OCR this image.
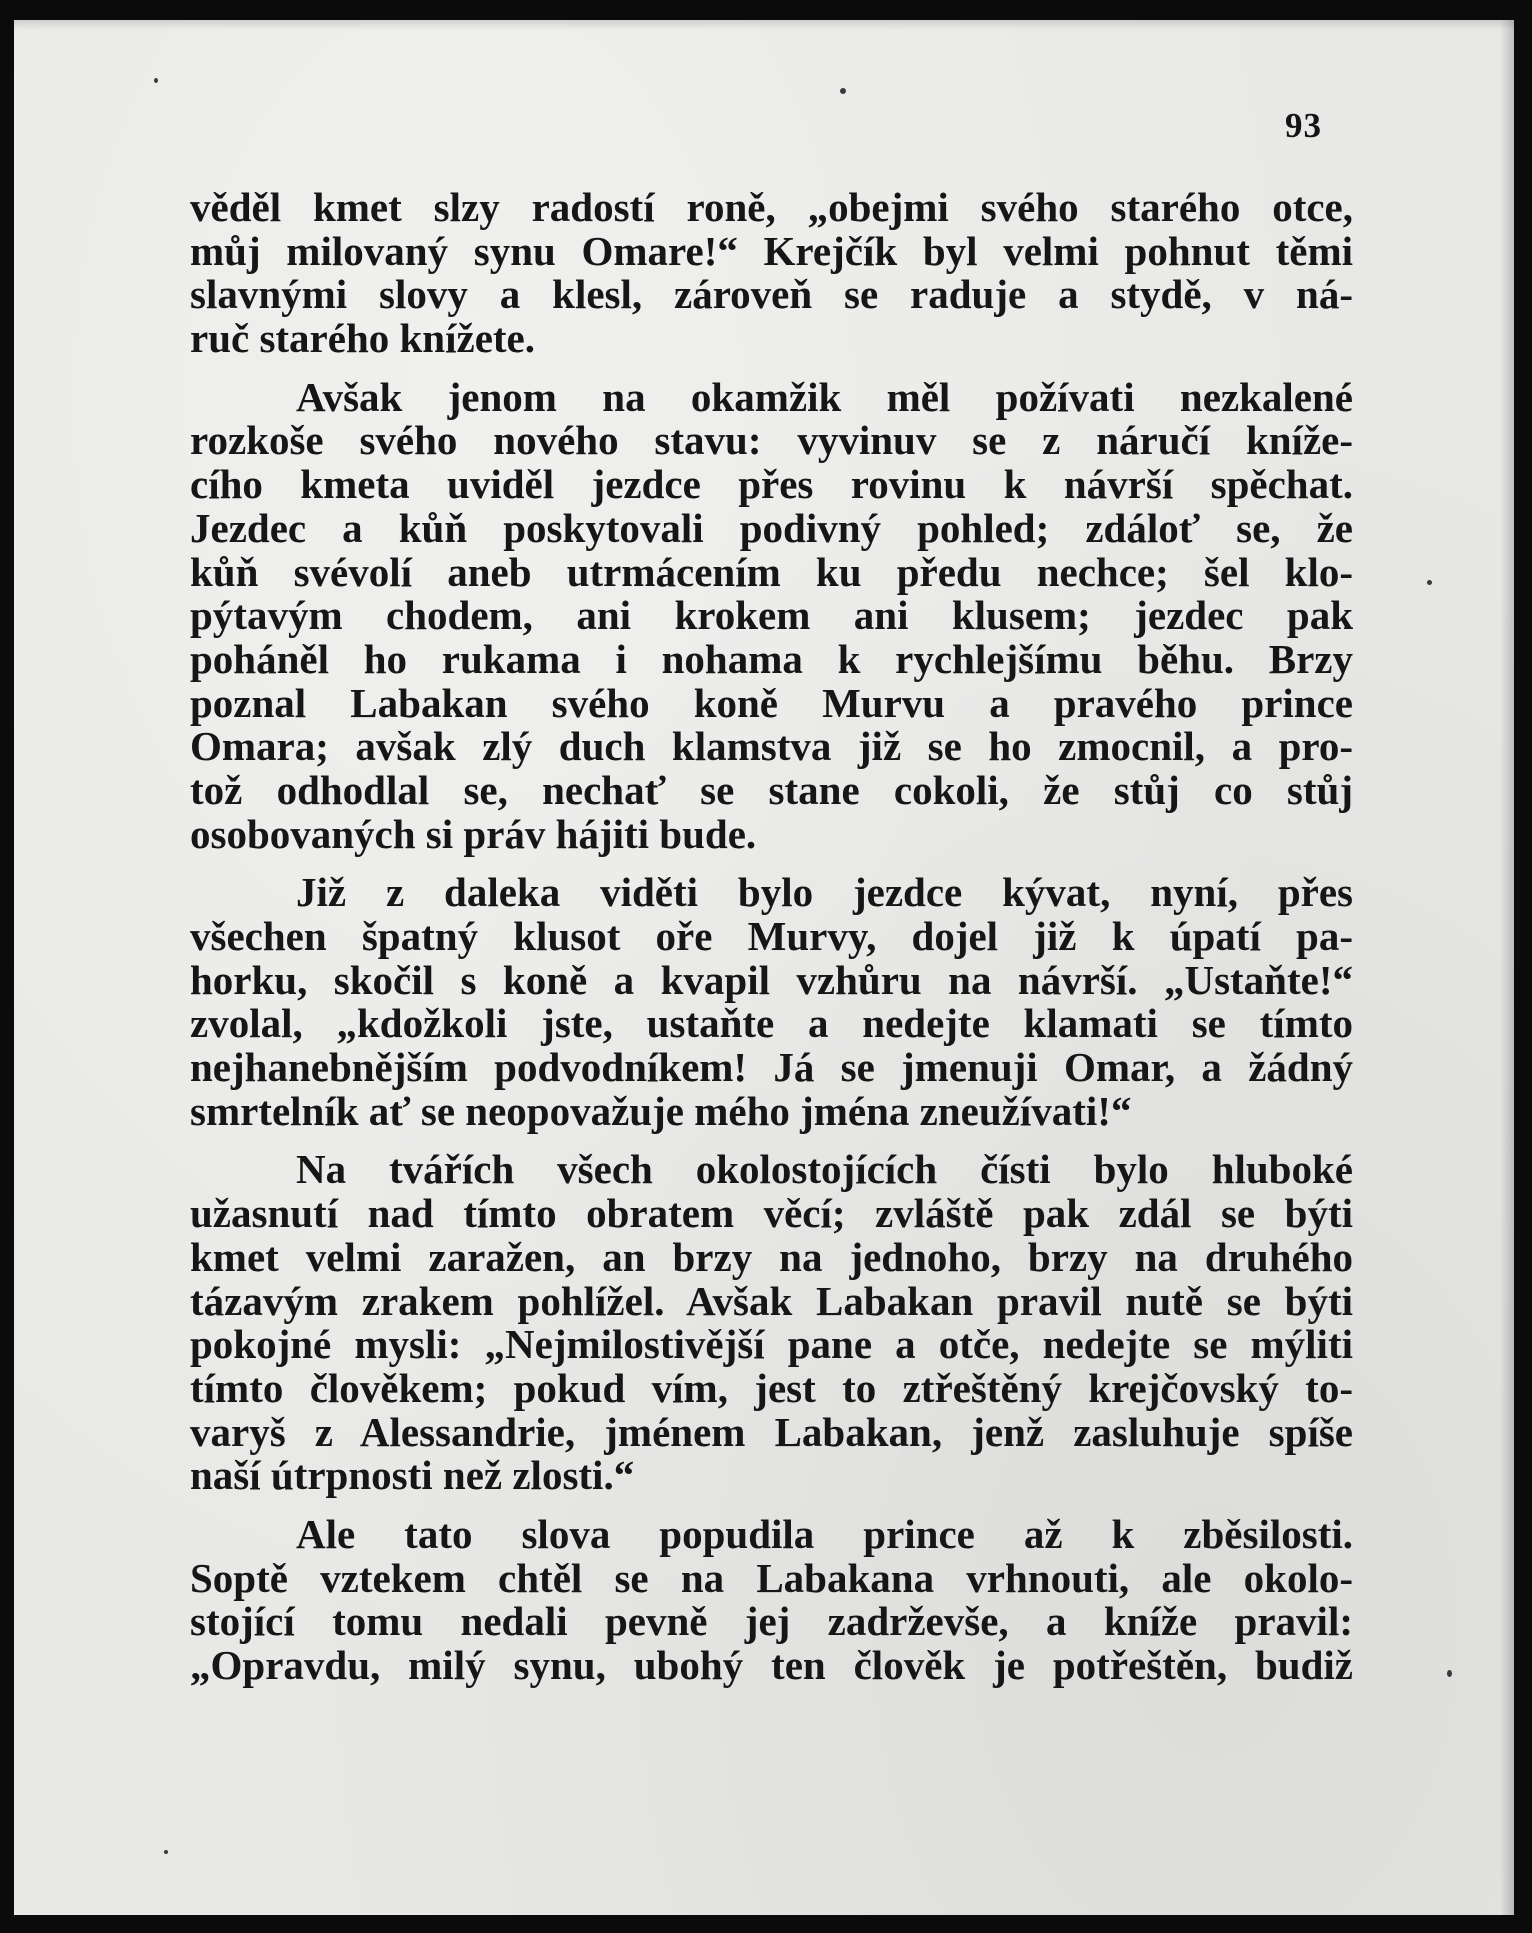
93

věděl kmet slzy radostí roně, „obejmi svého starého otce,
můj milovaný synu Omare!“ Krejčík byl velmi pohnut těmi
slavnými slovy a klesl, zároveň se raduje a stydě, v ná-
ruč starého knížete.

Avšak jenom na okamžik měl požívati nezkalené
rozkoše svého nového stavu: vyvinuv se z náručí kníže-
cího kmeta uviděl jezdce přes rovinu k návrší spěchat.
Jezdec a kůň poskytovali podivný pohled; zdáloť se, že
kůň svévolí aneb utrmácením ku předu nechce; šel klo-
pýtavým chodem, ani krokem ani klusem; jezdec pak
poháněl ho rukama i nohama k rychlejšímu běhu. Brzy
poznal Labakan svého koně Murvu a pravého prince
Omara; avšak zlý duch klamstva již se ho zmocnil, a pro-
tož odhodlal se, nechať se stane cokoli, že stůj co stůj
osobovaných si práv hájiti bude.

Již z daleka viděti bylo jezdce kývat, nyní, přes
všechen špatný klusot oře Murvy, dojel již k úpatí pa-
horku, skočil s koně a kvapil vzhůru na návrší. „Ustaňte!“
zvolal, „kdožkoli jste, ustaňte a nedejte klamati se tímto
nejhanebnějším podvodníkem! Já se jmenuji Omar, a žádný
smrtelník ať se neopovažuje mého jména zneužívati!“

Na tvářích všech okolostojících čísti bylo hluboké
užasnutí nad tímto obratem věcí; zvláště pak zdál se býti
kmet velmi zaražen, an brzy na jednoho, brzy na druhého
tázavým zrakem pohlížel. Avšak Labakan pravil nutě se býti
pokojné mysli: „Nejmilostivější pane a otče, nedejte se mýliti
tímto člověkem; pokud vím, jest to ztřeštěný krejčovský to-
varyš z Alessandrie, jménem Labakan, jenž zasluhuje spíše
naší útrpnosti než zlosti.“

Ale tato slova popudila prince až k zběsilosti.
Soptě vztekem chtěl se na Labakana vrhnouti, ale okolo-
stojící tomu nedali pevně jej zadrževše, a kníže pravil:
„Opravdu, milý synu, ubohý ten člověk je potřeštěn, budiž
